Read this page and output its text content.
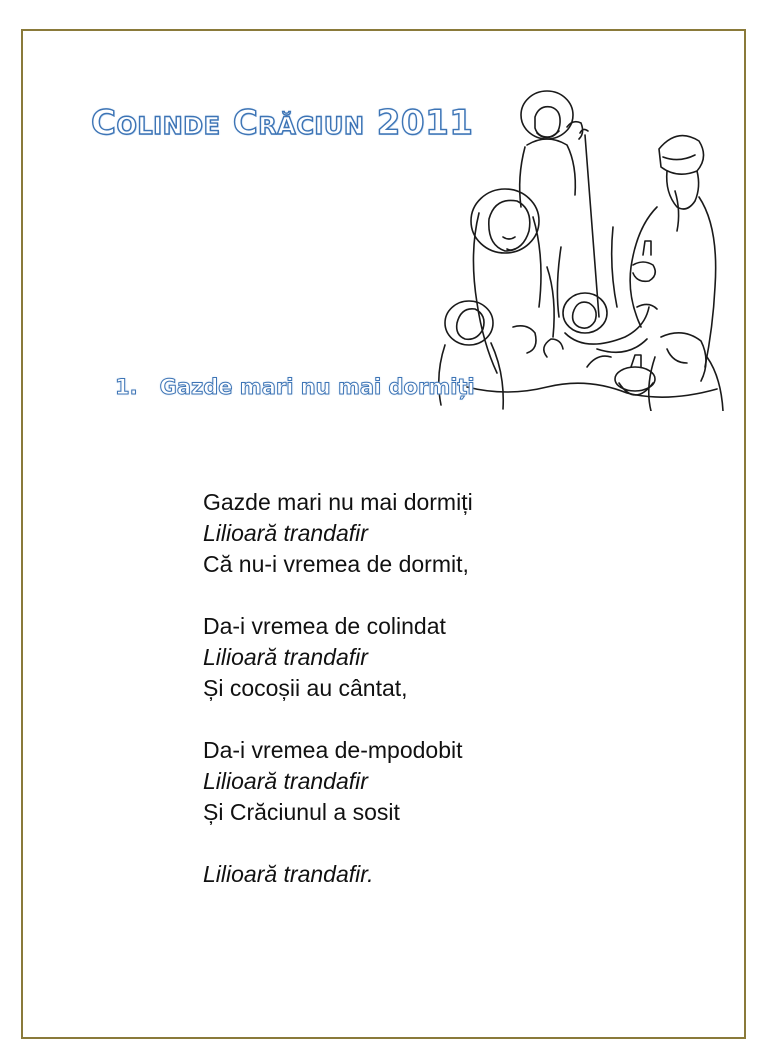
Colinde Crăciun 2011
1. Gazde mari nu mai dormiți
Gazde mari nu mai dormiți
Lilioară trandafir
Că nu-i vremea de dormit,
Da-i vremea de colindat
Lilioară trandafir
Și cocoșii au cântat,
Da-i vremea de-mpodobit
Lilioară trandafir
Și Crăciunul a sosit
Lilioară trandafir.
